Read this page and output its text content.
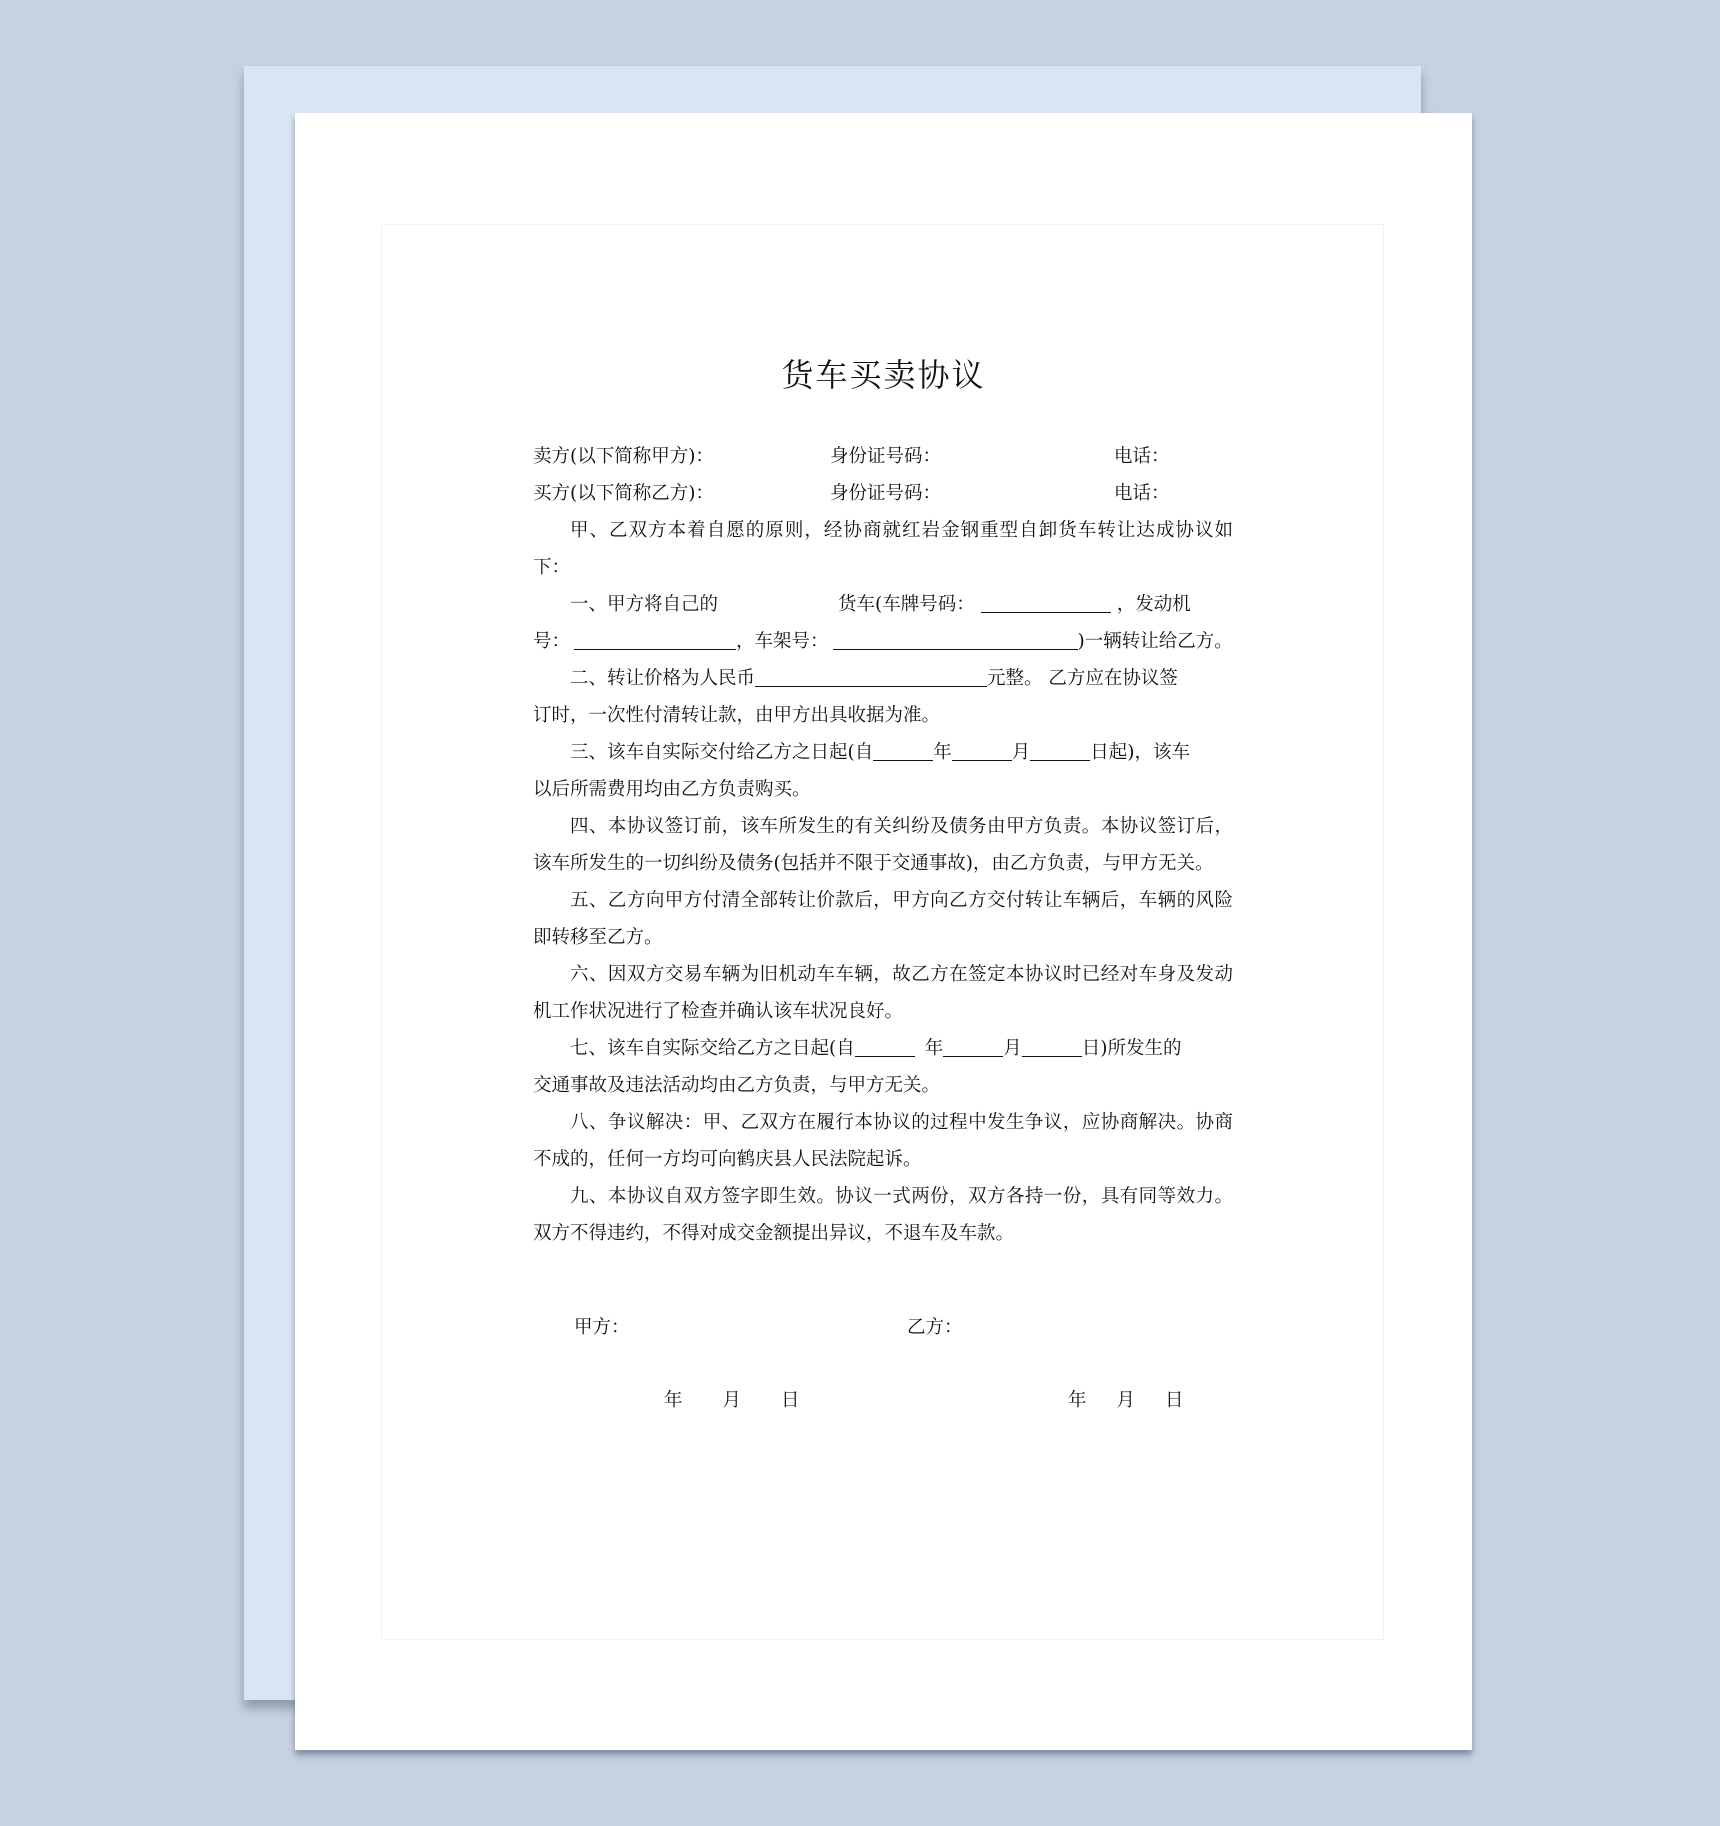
货车买卖协议
卖方(以下简称甲方)：	身份证号码：	电话：
买方(以下简称乙方)：	身份证号码：	电话：
甲、乙双方本着自愿的原则，经协商就红岩金钢重型自卸货车转让达成协议如下：
一、甲方将自己的	货车(车牌号码：	，发动机
号：	，车架号：	)一辆转让给乙方。
二、转让价格为人民币	元整。 乙方应在协议签
订时，一次性付清转让款，由甲方出具收据为准。
三、该车自实际交付给乙方之日起(自	年	月	日起)，该车
以后所需费用均由乙方负责购买。
四、本协议签订前，该车所发生的有关纠纷及债务由甲方负责。本协议签订后，该车所发生的一切纠纷及债务(包括并不限于交通事故)，由乙方负责，与甲方无关。
五、乙方向甲方付清全部转让价款后，甲方向乙方交付转让车辆后，车辆的风险即转移至乙方。
六、因双方交易车辆为旧机动车车辆，故乙方在签定本协议时已经对车身及发动机工作状况进行了检查并确认该车状况良好。
七、该车自实际交给乙方之日起(自	年	月	日)所发生的
交通事故及违法活动均由乙方负责，与甲方无关。
八、争议解决：甲、乙双方在履行本协议的过程中发生争议，应协商解决。协商不成的，任何一方均可向鹤庆县人民法院起诉。
九、本协议自双方签字即生效。协议一式两份，双方各持一份，具有同等效力。双方不得违约，不得对成交金额提出异议，不退车及车款。
甲方：	乙方：
年 月 日	年 月 日
